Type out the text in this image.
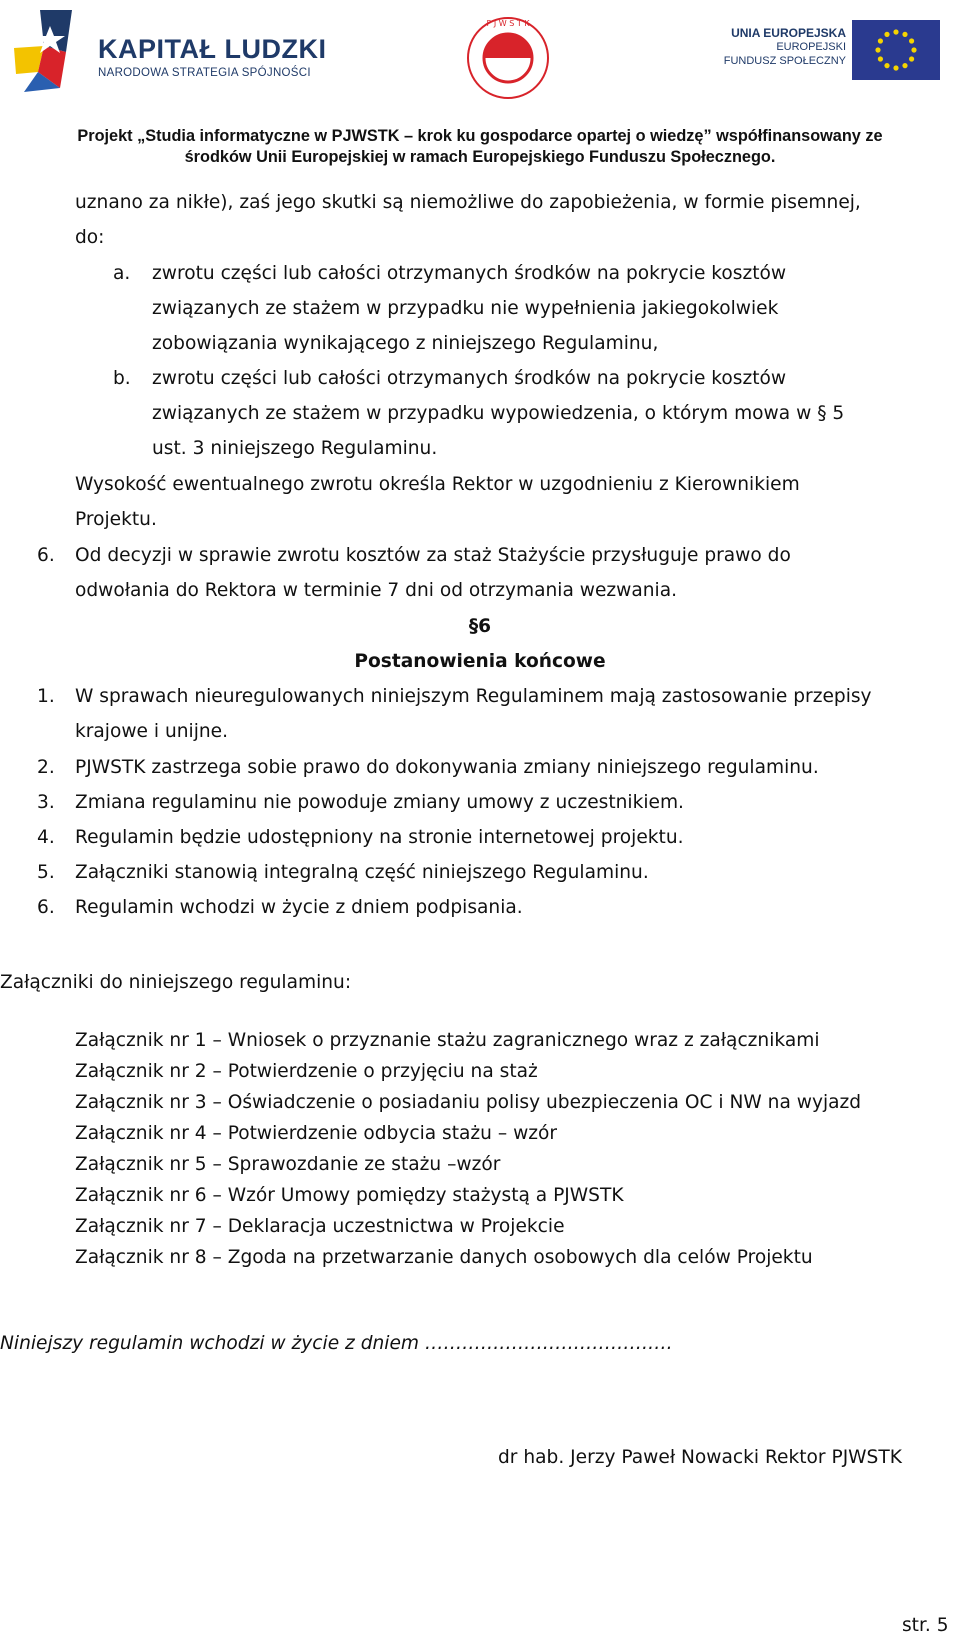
KAPITAŁ LUDZKI
NARODOWA STRATEGIA SPÓJNOŚCI
P J W S T K
UNIA EUROPEJSKA
EUROPEJSKI
FUNDUSZ SPOŁECZNY
Projekt „Studia informatyczne w PJWSTK – krok ku gospodarce opartej o wiedzę” współfinansowany ze
środków Unii Europejskiej w ramach Europejskiego Funduszu Społecznego.
uznano za nikłe), zaś jego skutki są niemożliwe do zapobieżenia, w formie pisemnej,
do:
a. zwrotu części lub całości otrzymanych środków na pokrycie kosztów
związanych ze stażem w przypadku nie wypełnienia jakiegokolwiek
zobowiązania wynikającego z niniejszego Regulaminu,
b. zwrotu części lub całości otrzymanych środków na pokrycie kosztów
związanych ze stażem w przypadku wypowiedzenia, o którym mowa w § 5
ust. 3 niniejszego Regulaminu.
Wysokość ewentualnego zwrotu określa Rektor w uzgodnieniu z Kierownikiem
Projektu.
6. Od decyzji w sprawie zwrotu kosztów za staż Stażyście przysługuje prawo do
odwołania do Rektora w terminie 7 dni od otrzymania wezwania.
§6
Postanowienia końcowe
1. W sprawach nieuregulowanych niniejszym Regulaminem mają zastosowanie przepisy
krajowe i unijne.
2. PJWSTK zastrzega sobie prawo do dokonywania zmiany niniejszego regulaminu.
3. Zmiana regulaminu nie powoduje zmiany umowy z uczestnikiem.
4. Regulamin będzie udostępniony na stronie internetowej projektu.
5. Załączniki stanowią integralną część niniejszego Regulaminu.
6. Regulamin wchodzi w życie z dniem podpisania.
Załączniki do niniejszego regulaminu:
Załącznik nr 1 – Wniosek o przyznanie stażu zagranicznego wraz z załącznikami
Załącznik nr 2 – Potwierdzenie o przyjęciu na staż
Załącznik nr 3 – Oświadczenie o posiadaniu polisy ubezpieczenia OC i NW na wyjazd
Załącznik nr 4 – Potwierdzenie odbycia stażu – wzór
Załącznik nr 5 – Sprawozdanie ze stażu –wzór
Załącznik nr 6 – Wzór Umowy pomiędzy stażystą a PJWSTK
Załącznik nr 7 – Deklaracja uczestnictwa w Projekcie
Załącznik nr 8 – Zgoda na przetwarzanie danych osobowych dla celów Projektu
Niniejszy regulamin wchodzi w życie z dniem ………………………………….
dr hab. Jerzy Paweł Nowacki Rektor PJWSTK
str. 5
